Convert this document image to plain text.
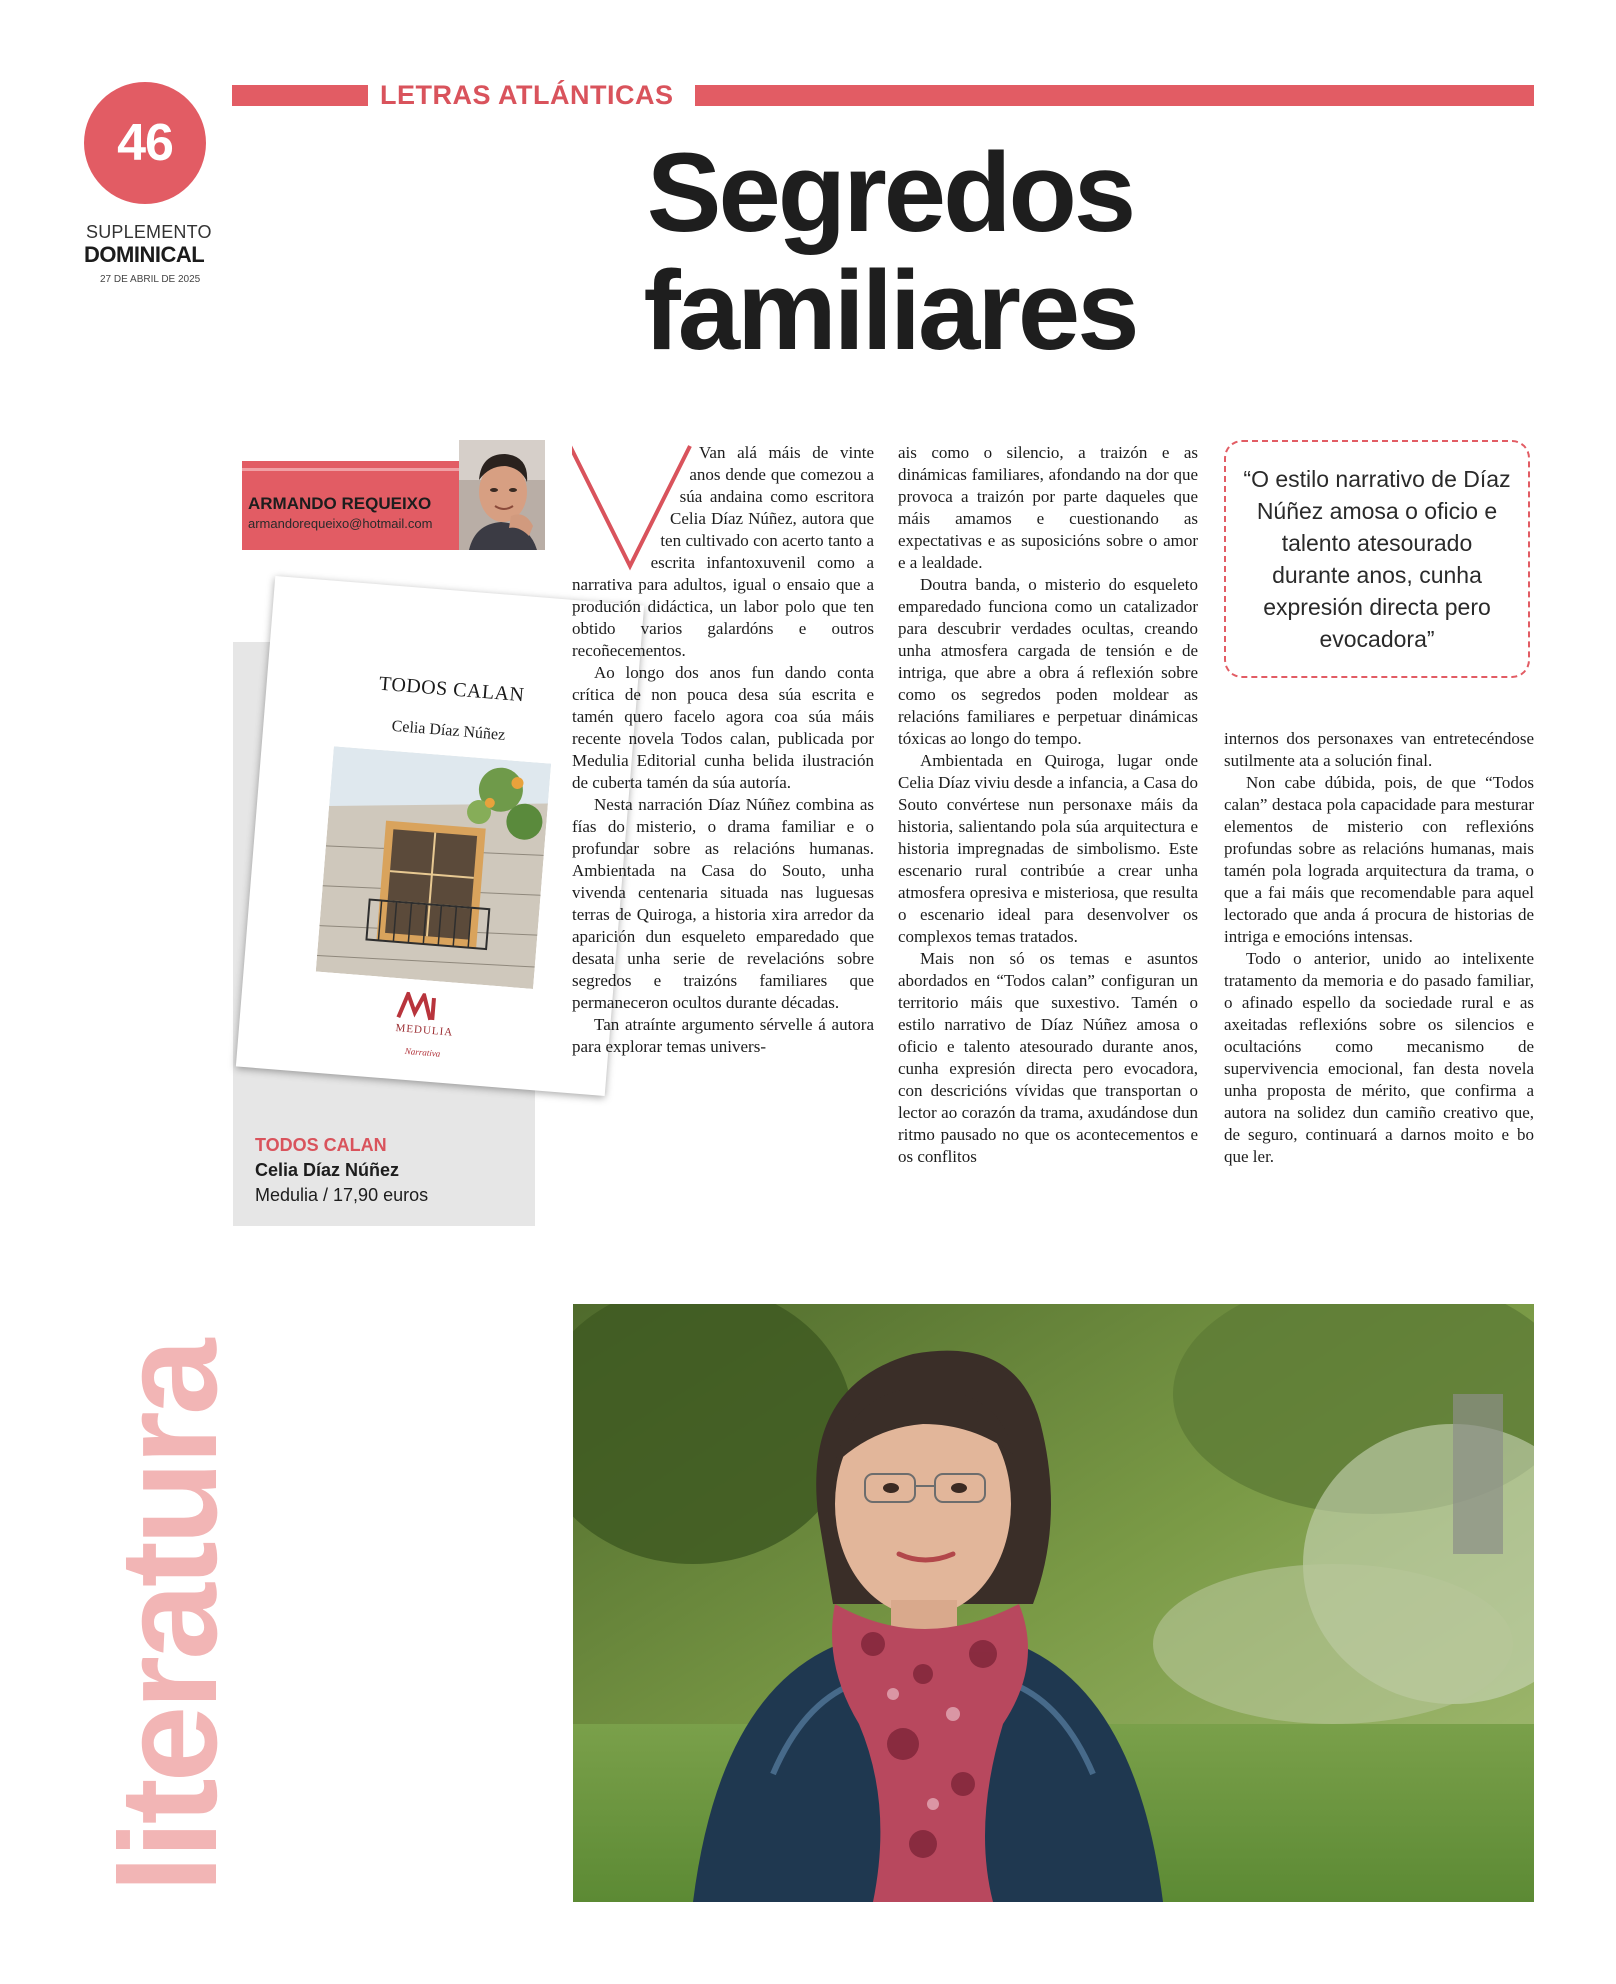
46
SUPLEMENTO
DOMINICAL
27 DE ABRIL DE 2025
LETRAS ATLÁNTICAS
Segredos
familiares
ARMANDO REQUEIXO
armandorequeixo@hotmail.com
TODOS CALAN
Celia Díaz Núñez
MEDULIA
Narrativa
TODOS CALAN
Celia Díaz Núñez
Medulia / 17,90 euros
literatura

Van alá máis de vinte anos dende que comezou a súa andaina como escritora Celia Díaz Núñez, autora que ten cultivado con acerto tanto a escrita infantoxuvenil como a narrativa para adultos, igual o ensaio que a produción didáctica, un labor polo que ten obtido varios galardóns e outros recoñecementos.

Ao longo dos anos fun dando conta crítica de non pouca desa súa escrita e tamén quero facelo agora coa súa máis recente novela Todos calan, publicada por Medulia Editorial cunha belida ilustración de cuberta tamén da súa autoría.

Nesta narración Díaz Núñez combina as fías do misterio, o drama familiar e o profundar sobre as relacións humanas. Ambientada na Casa do Souto, unha vivenda centenaria situada nas luguesas terras de Quiroga, a historia xira arredor da aparición dun esqueleto emparedado que desata unha serie de revelacións sobre segredos e traizóns familiares que permaneceron ocultos durante décadas.

Tan atraínte argumento sérvelle á autora para explorar temas univers-

ais como o silencio, a traizón e as dinámicas familiares, afondando na dor que provoca a traizón por parte daqueles que máis amamos e cuestionando as expectativas e as suposicións sobre o amor e a lealdade.

Doutra banda, o misterio do esqueleto emparedado funciona como un catalizador para descubrir verdades ocultas, creando unha atmosfera cargada de tensión e de intriga, que abre a obra á reflexión sobre como os segredos poden moldear as relacións familiares e perpetuar dinámicas tóxicas ao longo do tempo.

Ambientada en Quiroga, lugar onde Celia Díaz viviu desde a infancia, a Casa do Souto convértese nun personaxe máis da historia, salientando pola súa arquitectura e historia impregnadas de simbolismo. Este escenario rural contribúe a crear unha atmosfera opresiva e misteriosa, que resulta o escenario ideal para desenvolver os complexos temas tratados.

Mais non só os temas e asuntos abordados en “Todos calan” configuran un territorio máis que suxestivo. Tamén o estilo narrativo de Díaz Núñez amosa o oficio e talento atesourado durante anos, cunha expresión directa pero evocadora, con descricións vívidas que transportan o lector ao corazón da trama, axudándose dun ritmo pausado no que os acontecementos e os conflitos

“O estilo narrativo de Díaz Núñez amosa o oficio e talento atesourado durante anos, cunha expresión directa pero evocadora”

internos dos personaxes van entretecéndose sutilmente ata a solución final.

Non cabe dúbida, pois, de que “Todos calan” destaca pola capacidade para mesturar elementos de misterio con reflexións profundas sobre as relacións humanas, mais tamén pola lograda arquitectura da trama, o que a fai máis que recomendable para aquel lectorado que anda á procura de historias de intriga e emocións intensas.

Todo o anterior, unido ao intelixente tratamento da memoria e do pasado familiar, o afinado espello da sociedade rural e as axeitadas reflexións sobre os silencios e ocultacións como mecanismo de supervivencia emocional, fan desta novela unha proposta de mérito, que confirma a autora na solidez dun camiño creativo que, de seguro, continuará a darnos moito e bo que ler.
